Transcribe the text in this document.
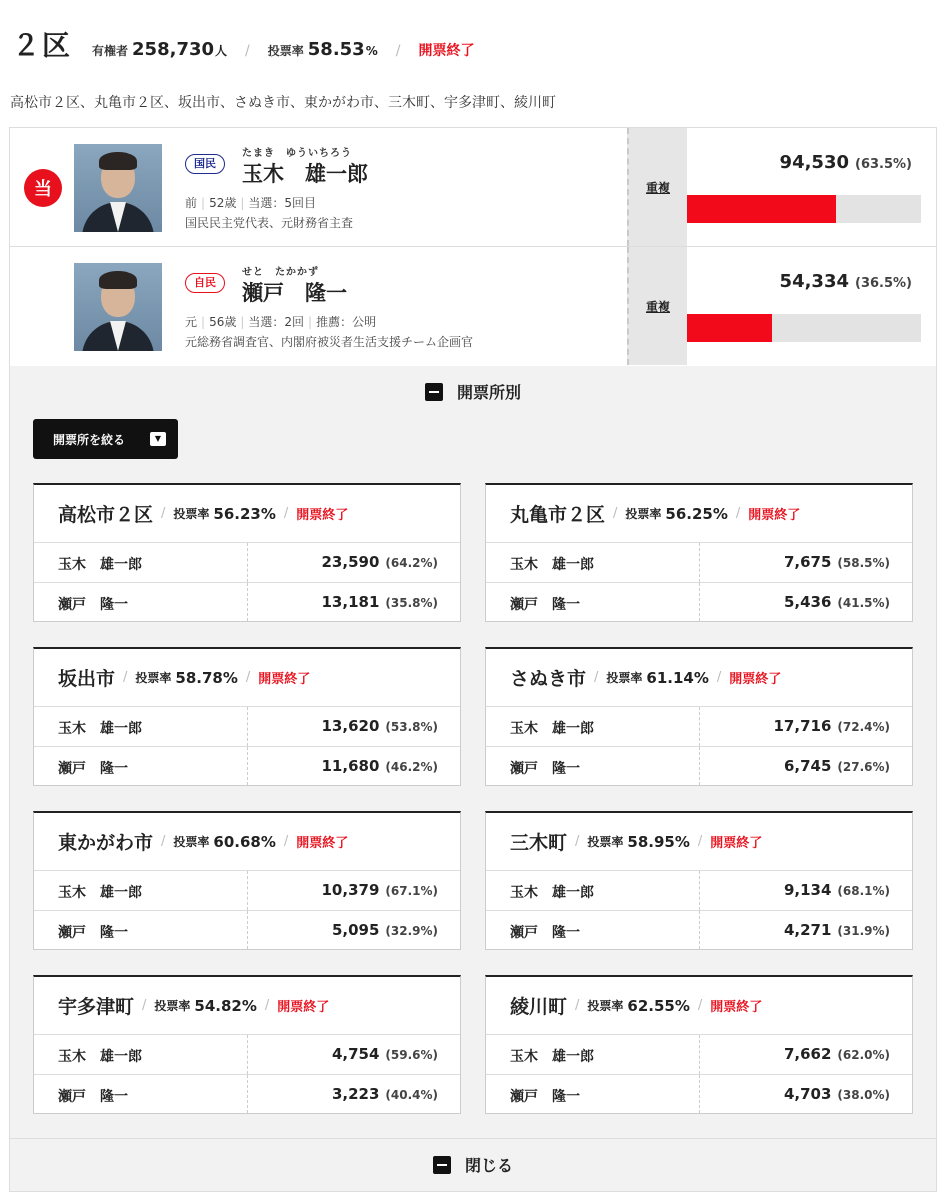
２区 有権者 258,730 人 / 投票率 58.53 % / 開票終了
高松市２区、丸亀市２区、坂出市、さぬき市、東かがわ市、三木町、宇多津町、綾川町
当
国民
たまき　ゆういちろう
玉木　雄一郎
前 | 52歳 | 当選：5回目
国民民主党代表、元財務省主査
重複
94,530 (63.5%)
自民
せと　たかかず
瀬戸　隆一
元 | 56歳 | 当選：2回 | 推薦：公明
元総務省調査官、内閣府被災者生活支援チーム企画官
重複
54,334 (36.5%)
開票所別
開票所を絞る	▼
高松市２区 / 投票率 56.23% / 開票終了
玉木　雄一郎	23,590 (64.2%)
瀬戸　隆一	13,181 (35.8%)
丸亀市２区 / 投票率 56.25% / 開票終了
玉木　雄一郎	7,675 (58.5%)
瀬戸　隆一	5,436 (41.5%)
坂出市 / 投票率 58.78% / 開票終了
玉木　雄一郎	13,620 (53.8%)
瀬戸　隆一	11,680 (46.2%)
さぬき市 / 投票率 61.14% / 開票終了
玉木　雄一郎	17,716 (72.4%)
瀬戸　隆一	6,745 (27.6%)
東かがわ市 / 投票率 60.68% / 開票終了
玉木　雄一郎	10,379 (67.1%)
瀬戸　隆一	5,095 (32.9%)
三木町 / 投票率 58.95% / 開票終了
玉木　雄一郎	9,134 (68.1%)
瀬戸　隆一	4,271 (31.9%)
宇多津町 / 投票率 54.82% / 開票終了
玉木　雄一郎	4,754 (59.6%)
瀬戸　隆一	3,223 (40.4%)
綾川町 / 投票率 62.55% / 開票終了
玉木　雄一郎	7,662 (62.0%)
瀬戸　隆一	4,703 (38.0%)
閉じる
